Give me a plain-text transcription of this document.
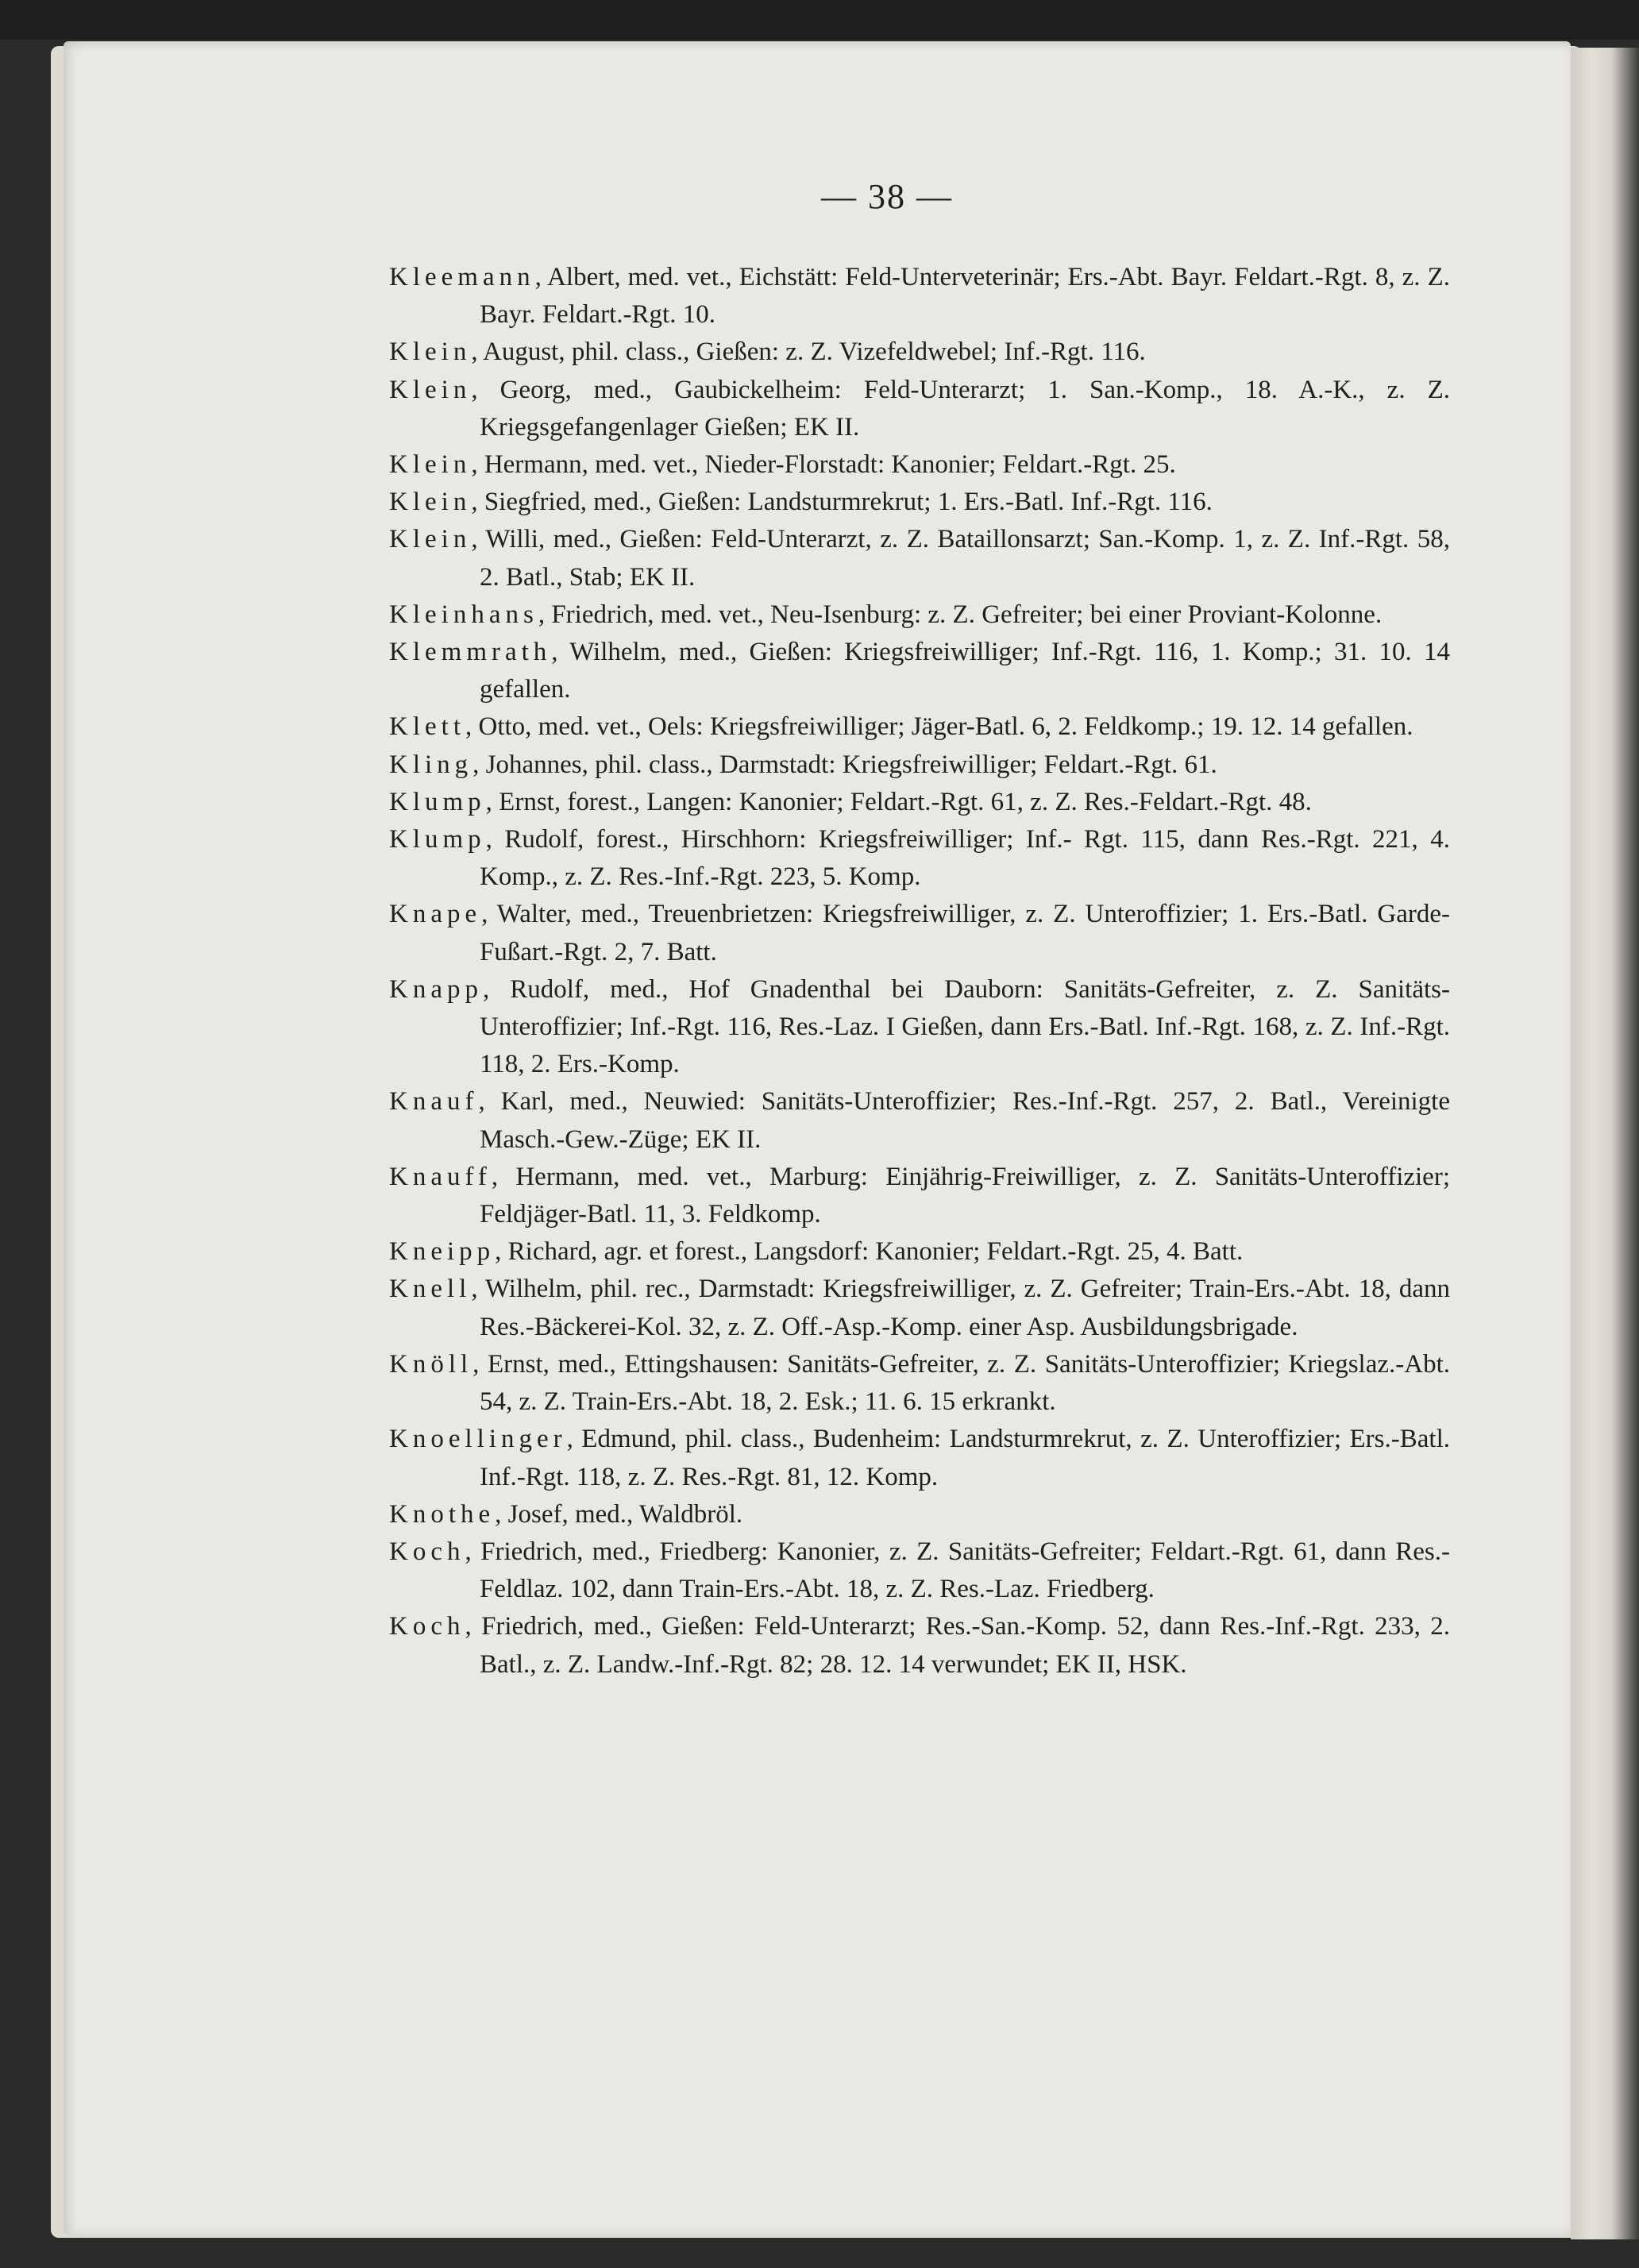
— 38 —

Kleemann, Albert, med. vet., Eichstätt: Feld-Unterveterinär; Ers.-Abt. Bayr. Feldart.-Rgt. 8, z. Z. Bayr. Feldart.-Rgt. 10.

Klein, August, phil. class., Gießen: z. Z. Vizefeldwebel; Inf.-Rgt. 116.

Klein, Georg, med., Gaubickelheim: Feld-Unterarzt; 1. San.-Komp., 18. A.-K., z. Z. Kriegsgefangenlager Gießen; EK II.

Klein, Hermann, med. vet., Nieder-Florstadt: Kanonier; Feldart.-Rgt. 25.

Klein, Siegfried, med., Gießen: Landsturmrekrut; 1. Ers.-Batl. Inf.-Rgt. 116.

Klein, Willi, med., Gießen: Feld-Unterarzt, z. Z. Bataillonsarzt; San.-Komp. 1, z. Z. Inf.-Rgt. 58, 2. Batl., Stab; EK II.

Kleinhans, Friedrich, med. vet., Neu-Isenburg: z. Z. Gefreiter; bei einer Proviant-Kolonne.

Klemmrath, Wilhelm, med., Gießen: Kriegsfreiwilliger; Inf.-Rgt. 116, 1. Komp.; 31. 10. 14 gefallen.

Klett, Otto, med. vet., Oels: Kriegsfreiwilliger; Jäger-Batl. 6, 2. Feldkomp.; 19. 12. 14 gefallen.

Kling, Johannes, phil. class., Darmstadt: Kriegsfreiwilliger; Feldart.-Rgt. 61.

Klump, Ernst, forest., Langen: Kanonier; Feldart.-Rgt. 61, z. Z. Res.-Feldart.-Rgt. 48.

Klump, Rudolf, forest., Hirschhorn: Kriegsfreiwilliger; Inf.- Rgt. 115, dann Res.-Rgt. 221, 4. Komp., z. Z. Res.-Inf.-Rgt. 223, 5. Komp.

Knape, Walter, med., Treuenbrietzen: Kriegsfreiwilliger, z. Z. Unteroffizier; 1. Ers.-Batl. Garde-Fußart.-Rgt. 2, 7. Batt.

Knapp, Rudolf, med., Hof Gnadenthal bei Dauborn: Sanitäts-Gefreiter, z. Z. Sanitäts-Unteroffizier; Inf.-Rgt. 116, Res.-Laz. I Gießen, dann Ers.-Batl. Inf.-Rgt. 168, z. Z. Inf.-Rgt. 118, 2. Ers.-Komp.

Knauf, Karl, med., Neuwied: Sanitäts-Unteroffizier; Res.-Inf.-Rgt. 257, 2. Batl., Vereinigte Masch.-Gew.-Züge; EK II.

Knauff, Hermann, med. vet., Marburg: Einjährig-Freiwilliger, z. Z. Sanitäts-Unteroffizier; Feldjäger-Batl. 11, 3. Feldkomp.

Kneipp, Richard, agr. et forest., Langsdorf: Kanonier; Feldart.-Rgt. 25, 4. Batt.

Knell, Wilhelm, phil. rec., Darmstadt: Kriegsfreiwilliger, z. Z. Gefreiter; Train-Ers.-Abt. 18, dann Res.-Bäckerei-Kol. 32, z. Z. Off.-Asp.-Komp. einer Asp. Ausbildungsbrigade.

Knöll, Ernst, med., Ettingshausen: Sanitäts-Gefreiter, z. Z. Sanitäts-Unteroffizier; Kriegslaz.-Abt. 54, z. Z. Train-Ers.-Abt. 18, 2. Esk.; 11. 6. 15 erkrankt.

Knoellinger, Edmund, phil. class., Budenheim: Landsturmrekrut, z. Z. Unteroffizier; Ers.-Batl. Inf.-Rgt. 118, z. Z. Res.-Rgt. 81, 12. Komp.

Knothe, Josef, med., Waldbröl.

Koch, Friedrich, med., Friedberg: Kanonier, z. Z. Sanitäts-Gefreiter; Feldart.-Rgt. 61, dann Res.-Feldlaz. 102, dann Train-Ers.-Abt. 18, z. Z. Res.-Laz. Friedberg.

Koch, Friedrich, med., Gießen: Feld-Unterarzt; Res.-San.-Komp. 52, dann Res.-Inf.-Rgt. 233, 2. Batl., z. Z. Landw.-Inf.-Rgt. 82; 28. 12. 14 verwundet; EK II, HSK.
